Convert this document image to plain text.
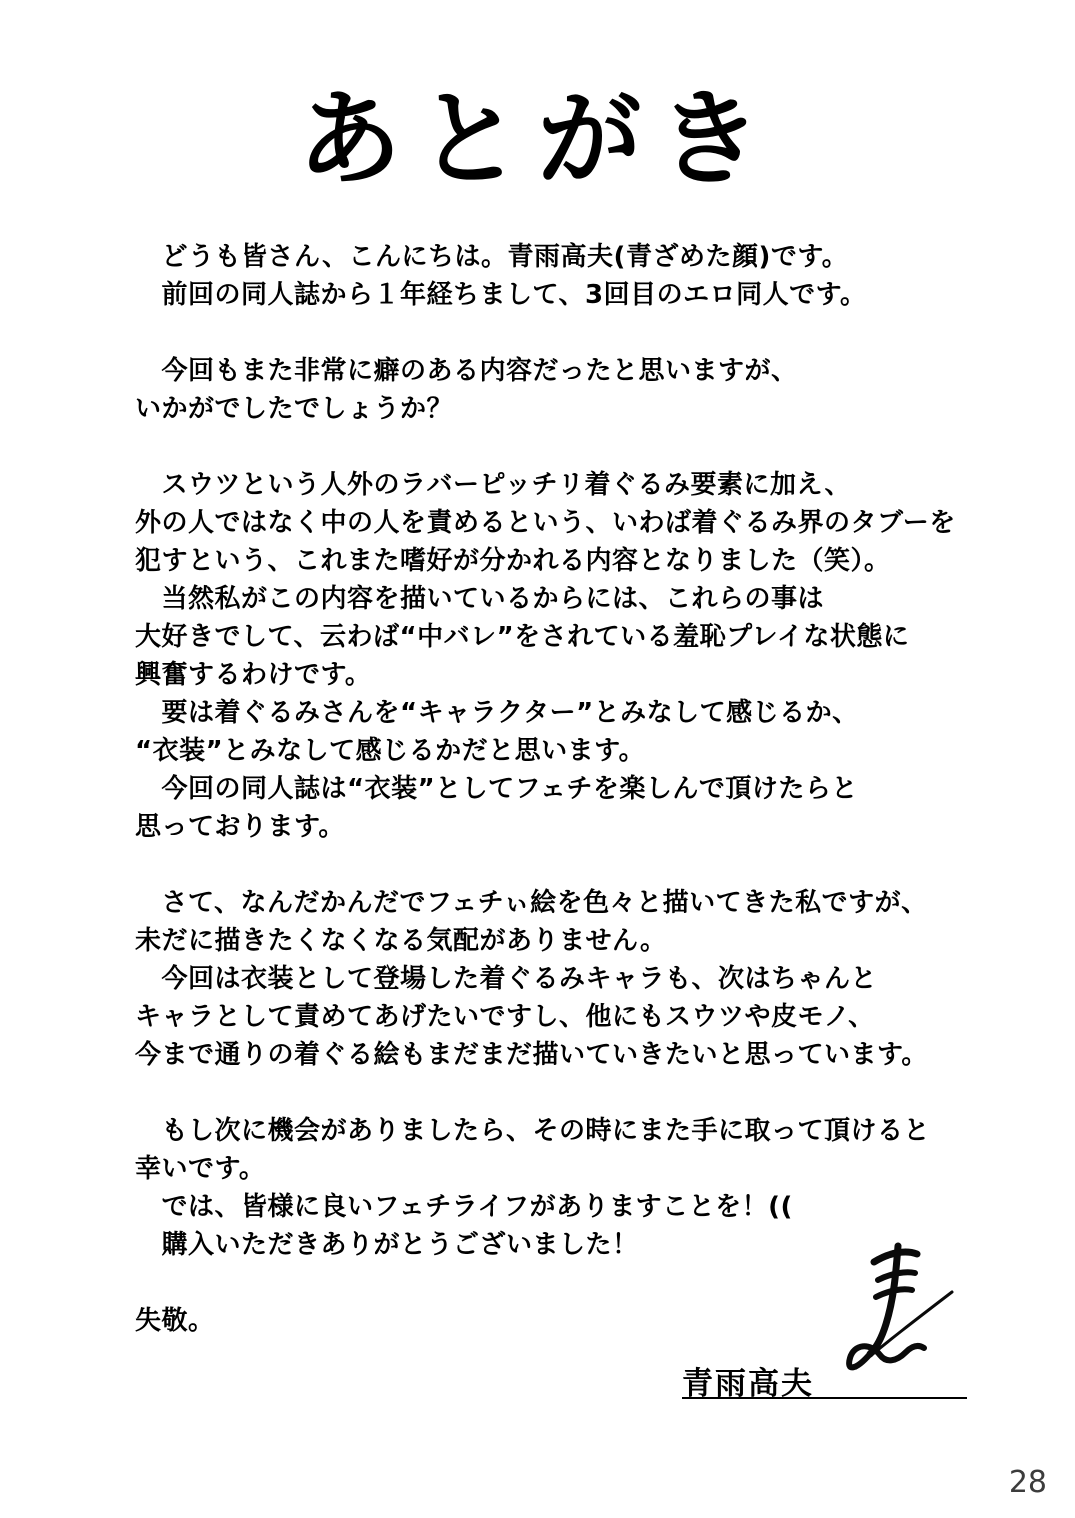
あとがき
　どうも皆さん、こんにちは。青雨高夫(青ざめた顔)です。
　前回の同人誌から１年経ちまして、3回目のエロ同人です。
　今回もまた非常に癖のある内容だったと思いますが、
いかがでしたでしょうか？
　スウツという人外のラバーピッチリ着ぐるみ要素に加え、
外の人ではなく中の人を責めるという、いわば着ぐるみ界のタブーを
犯すという、これまた嗜好が分かれる内容となりました（笑）。
　当然私がこの内容を描いているからには、これらの事は
大好きでして、云わば“中バレ”をされている羞恥プレイな状態に
興奮するわけです。
　要は着ぐるみさんを“キャラクター”とみなして感じるか、
“衣装”とみなして感じるかだと思います。
　今回の同人誌は“衣装”としてフェチを楽しんで頂けたらと
思っております。
　さて、なんだかんだでフェチぃ絵を色々と描いてきた私ですが、
未だに描きたくなくなる気配がありません。
　今回は衣装として登場した着ぐるみキャラも、次はちゃんと
キャラとして責めてあげたいですし、他にもスウツや皮モノ、
今まで通りの着ぐる絵もまだまだ描いていきたいと思っています。
　もし次に機会がありましたら、その時にまた手に取って頂けると
幸いです。
　では、皆様に良いフェチライフがありますことを！((
　購入いただきありがとうございました！
失敬。
青雨高夫
28
